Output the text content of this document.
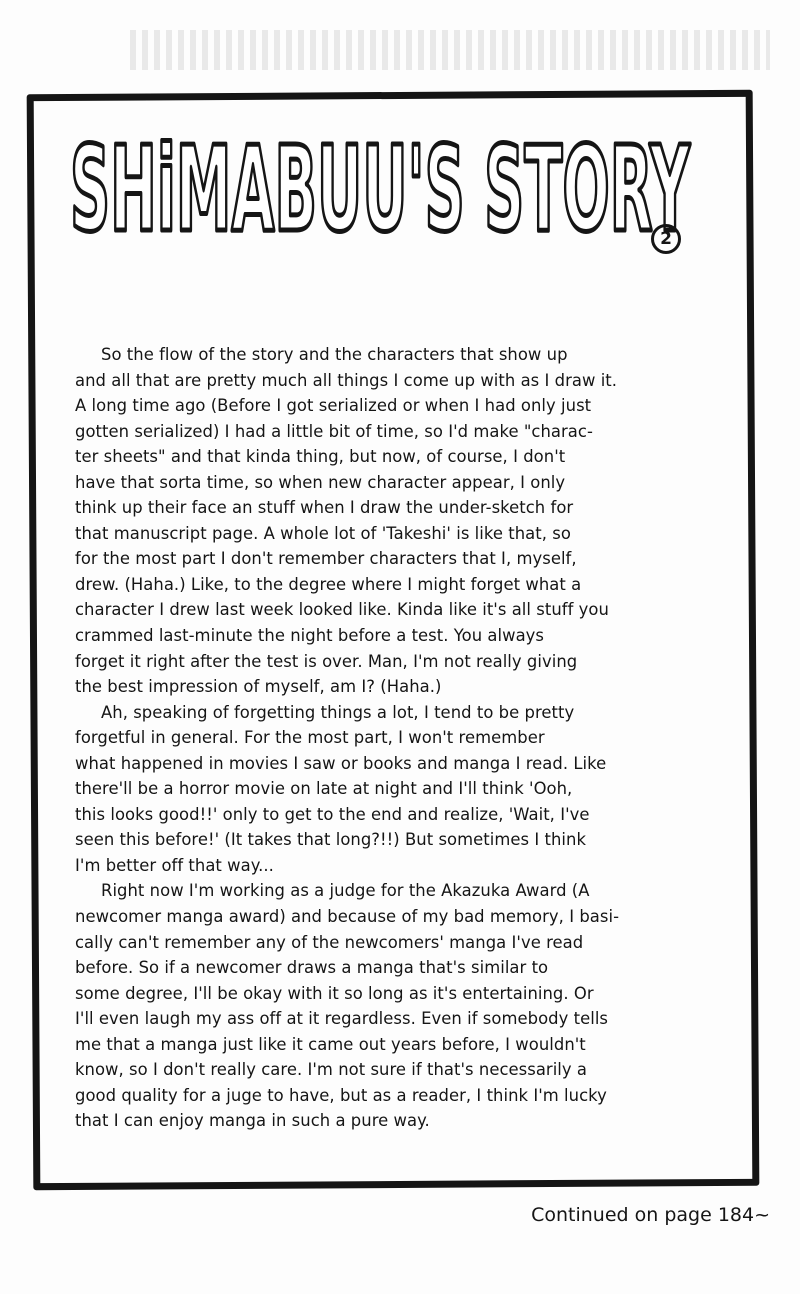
SHiMABUU'S STORY
2
So the flow of the story and the characters that show up
and all that are pretty much all things I come up with as I draw it.
A long time ago (Before I got serialized or when I had only just
gotten serialized) I had a little bit of time, so I'd make "charac-
ter sheets" and that kinda thing, but now, of course, I don't
have that sorta time, so when new character appear, I only
think up their face an stuff when I draw the under-sketch for
that manuscript page. A whole lot of 'Takeshi' is like that, so
for the most part I don't remember characters that I, myself,
drew. (Haha.) Like, to the degree where I might forget what a
character I drew last week looked like. Kinda like it's all stuff you
crammed last-minute the night before a test. You always
forget it right after the test is over. Man, I'm not really giving
the best impression of myself, am I? (Haha.)
Ah, speaking of forgetting things a lot, I tend to be pretty
forgetful in general. For the most part, I won't remember
what happened in movies I saw or books and manga I read. Like
there'll be a horror movie on late at night and I'll think 'Ooh,
this looks good!!' only to get to the end and realize, 'Wait, I've
seen this before!' (It takes that long?!!) But sometimes I think
I'm better off that way...
Right now I'm working as a judge for the Akazuka Award (A
newcomer manga award) and because of my bad memory, I basi-
cally can't remember any of the newcomers' manga I've read
before. So if a newcomer draws a manga that's similar to
some degree, I'll be okay with it so long as it's entertaining. Or
I'll even laugh my ass off at it regardless. Even if somebody tells
me that a manga just like it came out years before, I wouldn't
know, so I don't really care. I'm not sure if that's necessarily a
good quality for a juge to have, but as a reader, I think I'm lucky
that I can enjoy manga in such a pure way.
Continued on page 184~
